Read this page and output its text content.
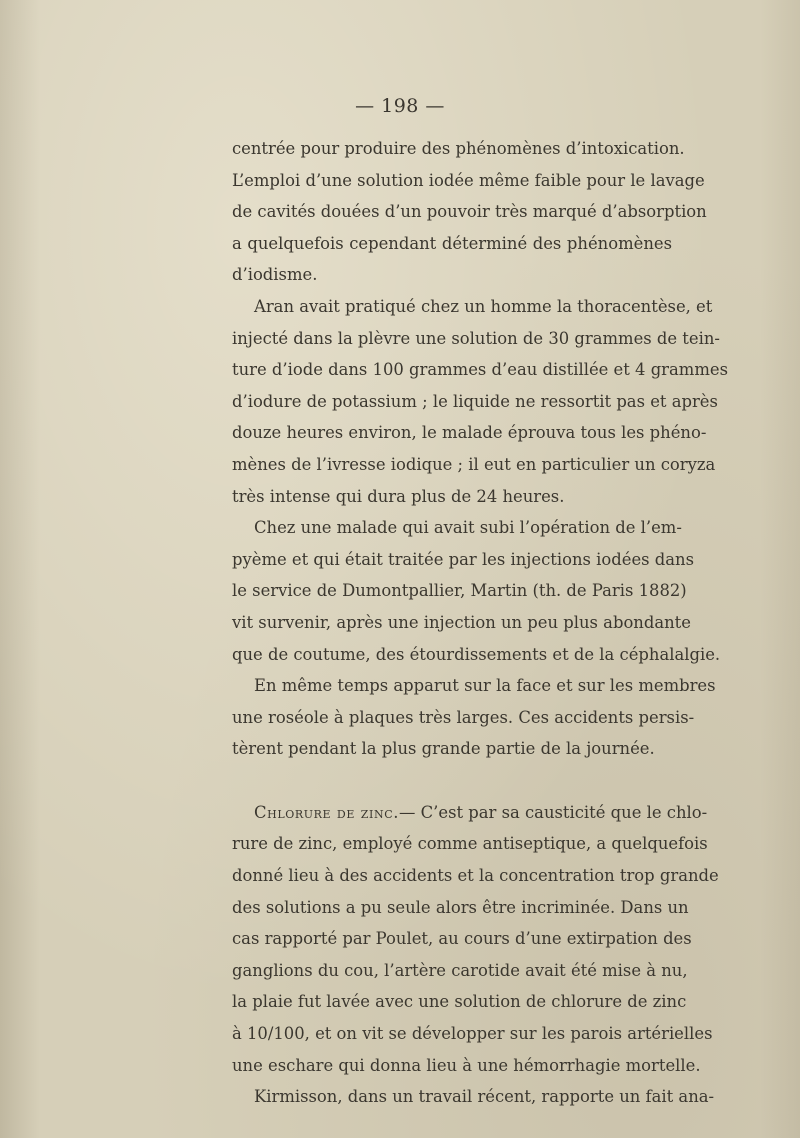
— 198 —
centrée pour produire des phénomènes d’intoxication.
L’emploi d’une solution iodée même faible pour le lavage
de cavités douées d’un pouvoir très marqué d’absorption
a quelquefois cependant déterminé des phénomènes
d’iodisme.
Aran avait pratiqué chez un homme la thoracentèse, et
injecté dans la plèvre une solution de 30 grammes de tein-
ture d’iode dans 100 grammes d’eau distillée et 4 grammes
d’iodure de potassium ; le liquide ne ressortit pas et après
douze heures environ, le malade éprouva tous les phéno-
mènes de l’ivresse iodique ; il eut en particulier un coryza
très intense qui dura plus de 24 heures.
Chez une malade qui avait subi l’opération de l’em-
pyème et qui était traitée par les injections iodées dans
le service de Dumontpallier, Martin (th. de Paris 1882)
vit survenir, après une injection un peu plus abondante
que de coutume, des étourdissements et de la céphalalgie.
En même temps apparut sur la face et sur les membres
une roséole à plaques très larges. Ces accidents persis-
tèrent pendant la plus grande partie de la journée.
Chlorure de zinc.— C’est par sa causticité que le chlo-
rure de zinc, employé comme antiseptique, a quelquefois
donné lieu à des accidents et la concentration trop grande
des solutions a pu seule alors être incriminée. Dans un
cas rapporté par Poulet, au cours d’une extirpation des
ganglions du cou, l’artère carotide avait été mise à nu,
la plaie fut lavée avec une solution de chlorure de zinc
à 10/100, et on vit se développer sur les parois artérielles
une eschare qui donna lieu à une hémorrhagie mortelle.
Kirmisson, dans un travail récent, rapporte un fait ana-
